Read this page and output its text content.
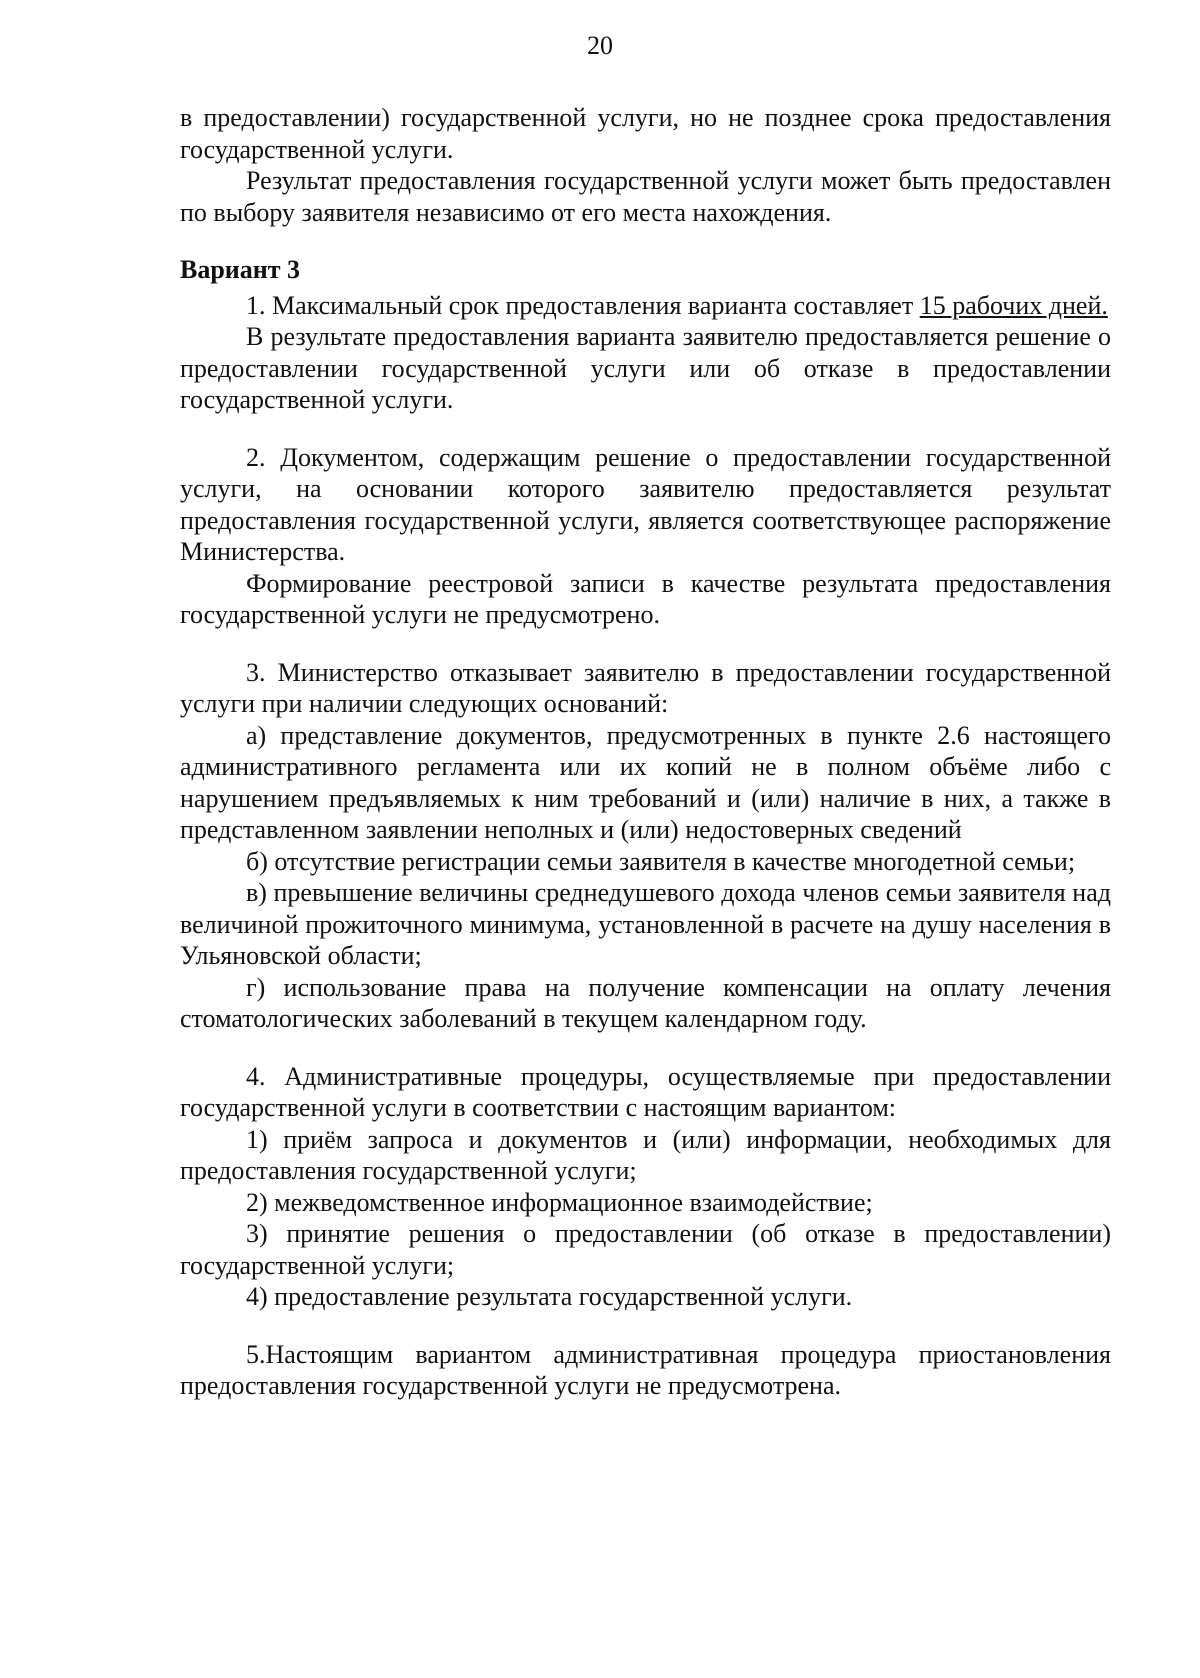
20

в предоставлении) государственной услуги, но не позднее срока предоставления государственной услуги.

Результат предоставления государственной услуги может быть предоставлен по выбору заявителя независимо от его места нахождения.

Вариант 3

1. Максимальный срок предоставления варианта составляет 15 рабочих дней.

В результате предоставления варианта заявителю предоставляется решение о предоставлении государственной услуги или об отказе в предоставлении государственной услуги.

2. Документом, содержащим решение о предоставлении государственной услуги, на основании которого заявителю предоставляется результат предоставления государственной услуги, является соответствующее распоряжение Министерства.

Формирование реестровой записи в качестве результата предоставления государственной услуги не предусмотрено.

3. Министерство отказывает заявителю в предоставлении государственной услуги при наличии следующих оснований:

а) представление документов, предусмотренных в пункте 2.6 настоящего административного регламента или их копий не в полном объёме либо с нарушением предъявляемых к ним требований и (или) наличие в них, а также в представленном заявлении неполных и (или) недостоверных сведений

б) отсутствие регистрации семьи заявителя в качестве многодетной семьи;

в) превышение величины среднедушевого дохода членов семьи заявителя над величиной прожиточного минимума, установленной в расчете на душу населения в Ульяновской области;

г) использование права на получение компенсации на оплату лечения стоматологических заболеваний в текущем календарном году.

4. Административные процедуры, осуществляемые при предоставлении государственной услуги в соответствии с настоящим вариантом:

1) приём запроса и документов и (или) информации, необходимых для предоставления государственной услуги;

2) межведомственное информационное взаимодействие;

3) принятие решения о предоставлении (об отказе в предоставлении) государственной услуги;

4) предоставление результата государственной услуги.

5.Настоящим вариантом административная процедура приостановления предоставления государственной услуги не предусмотрена.
